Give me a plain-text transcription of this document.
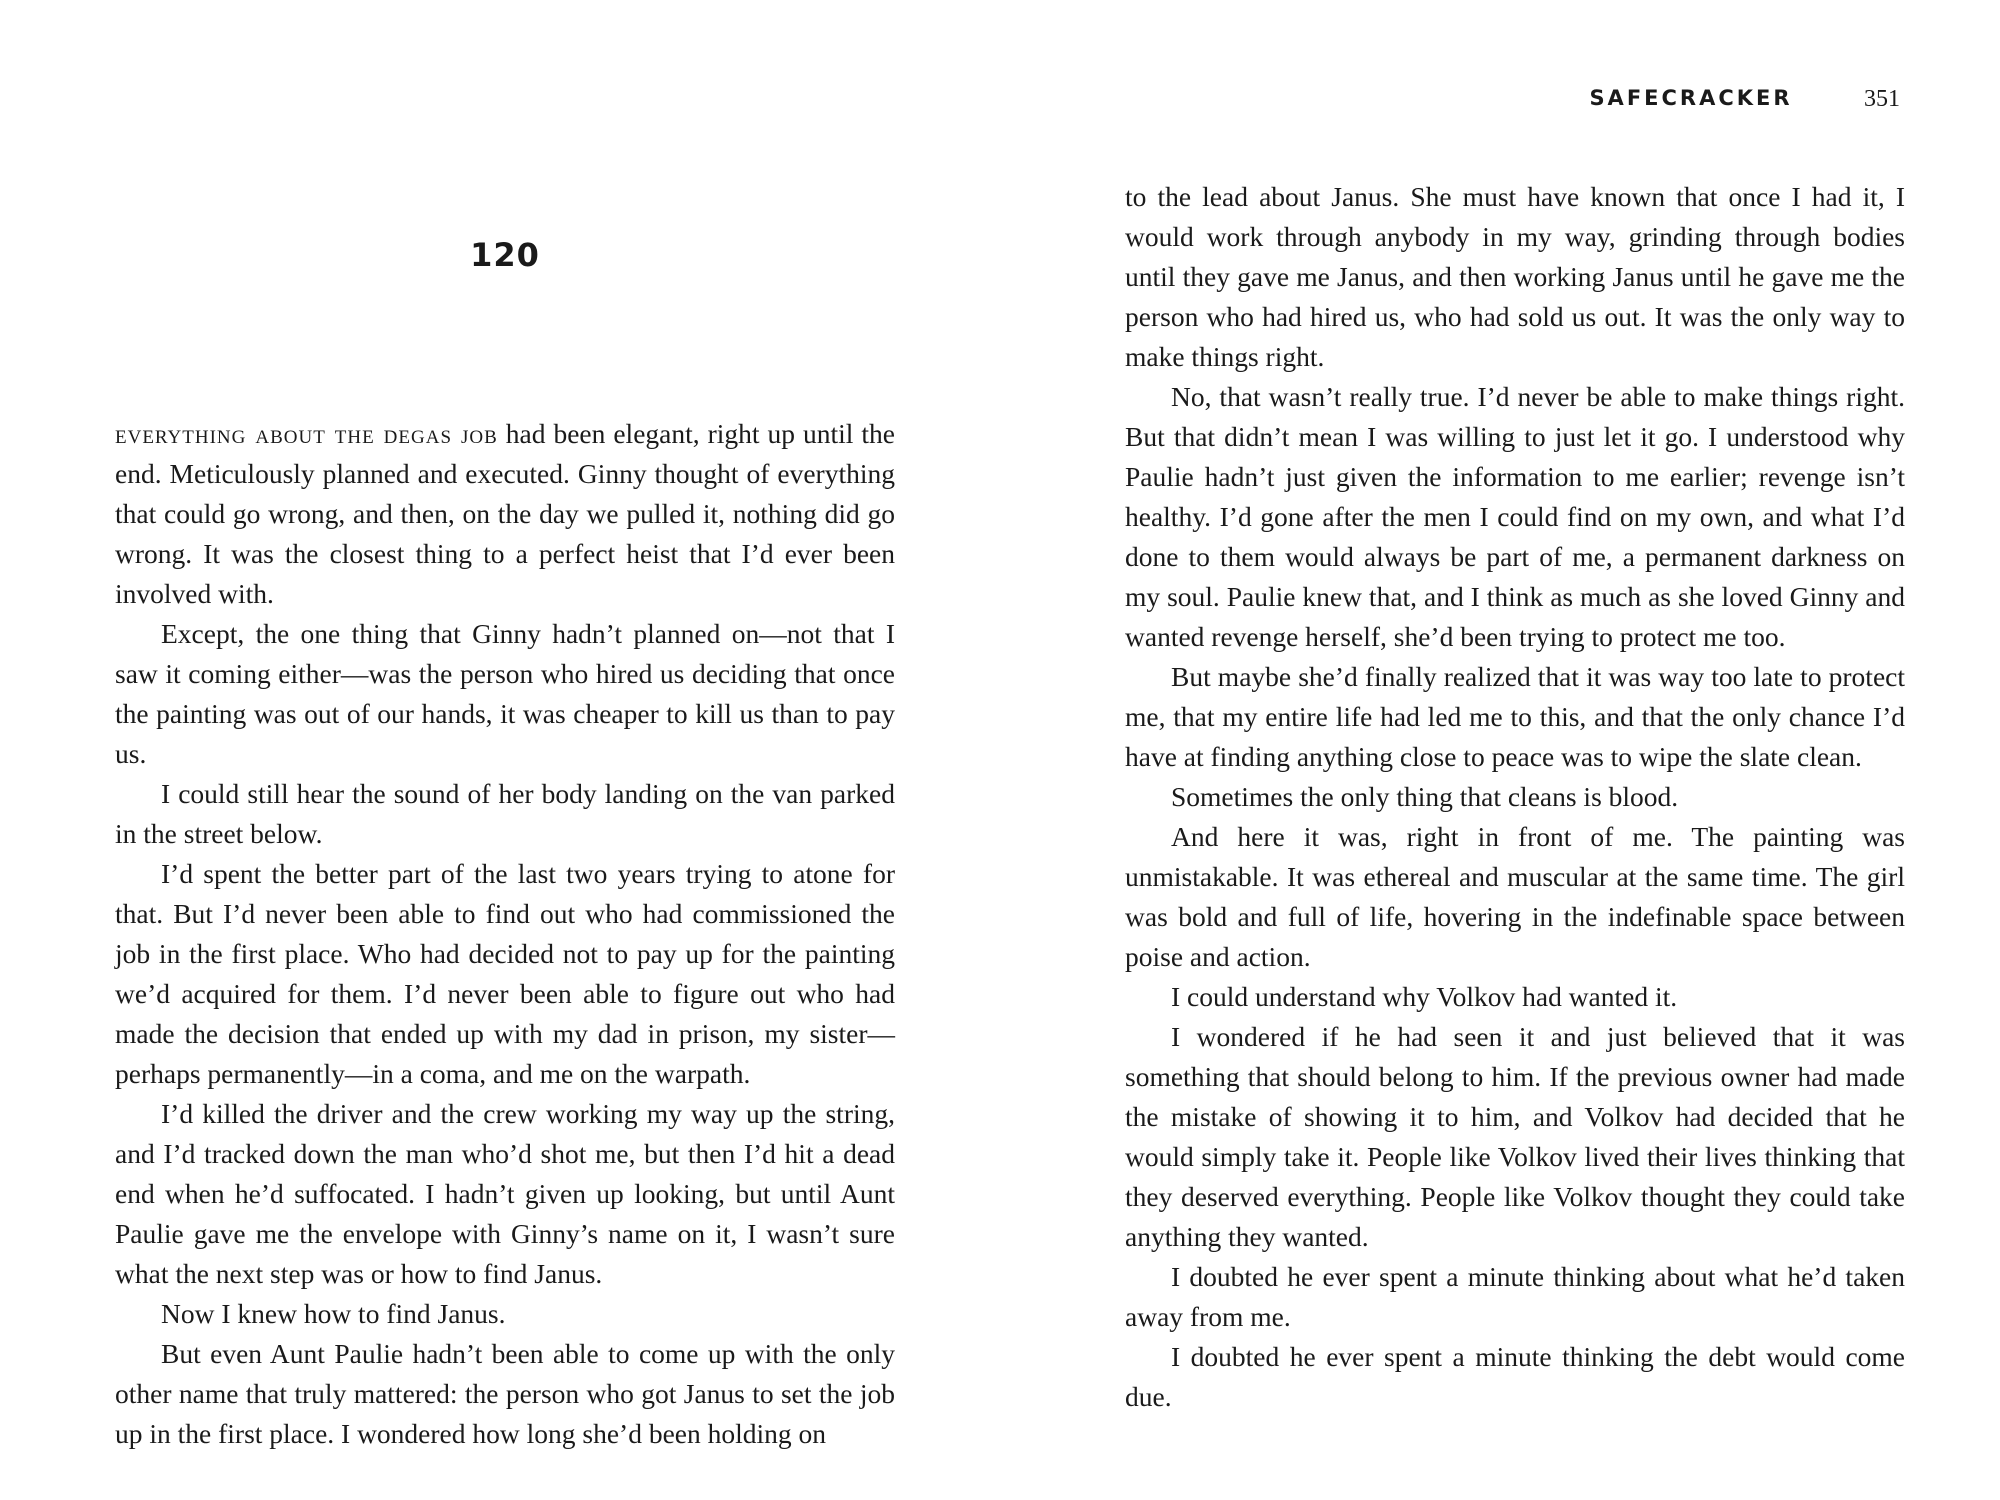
120

everything about the degas job had been elegant, right up until the end. Meticulously planned and executed. Ginny thought of everything that could go wrong, and then, on the day we pulled it, nothing did go wrong. It was the closest thing to a perfect heist that I’d ever been involved with.

Except, the one thing that Ginny hadn’t planned on—not that I saw it coming either—was the person who hired us deciding that once the painting was out of our hands, it was cheaper to kill us than to pay us.

I could still hear the sound of her body landing on the van parked in the street below.

I’d spent the better part of the last two years trying to atone for that. But I’d never been able to find out who had commissioned the job in the first place. Who had decided not to pay up for the painting we’d acquired for them. I’d never been able to figure out who had made the decision that ended up with my dad in prison, my sister—perhaps permanently—in a coma, and me on the warpath.

I’d killed the driver and the crew working my way up the string, and I’d tracked down the man who’d shot me, but then I’d hit a dead end when he’d suffocated. I hadn’t given up looking, but until Aunt Paulie gave me the envelope with Ginny’s name on it, I wasn’t sure what the next step was or how to find Janus.

Now I knew how to find Janus.

But even Aunt Paulie hadn’t been able to come up with the only other name that truly mattered: the person who got Janus to set the job up in the first place. I wondered how long she’d been holding on

SAFECRACKER	351

to the lead about Janus. She must have known that once I had it, I would work through anybody in my way, grinding through bodies until they gave me Janus, and then working Janus until he gave me the person who had hired us, who had sold us out. It was the only way to make things right.

No, that wasn’t really true. I’d never be able to make things right. But that didn’t mean I was willing to just let it go. I understood why Paulie hadn’t just given the information to me earlier; revenge isn’t healthy. I’d gone after the men I could find on my own, and what I’d done to them would always be part of me, a permanent darkness on my soul. Paulie knew that, and I think as much as she loved Ginny and wanted revenge herself, she’d been trying to protect me too.

But maybe she’d finally realized that it was way too late to protect me, that my entire life had led me to this, and that the only chance I’d have at finding anything close to peace was to wipe the slate clean.

Sometimes the only thing that cleans is blood.

And here it was, right in front of me. The painting was unmistakable. It was ethereal and muscular at the same time. The girl was bold and full of life, hovering in the indefinable space between poise and action.

I could understand why Volkov had wanted it.

I wondered if he had seen it and just believed that it was something that should belong to him. If the previous owner had made the mistake of showing it to him, and Volkov had decided that he would simply take it. People like Volkov lived their lives thinking that they deserved everything. People like Volkov thought they could take anything they wanted.

I doubted he ever spent a minute thinking about what he’d taken away from me.

I doubted he ever spent a minute thinking the debt would come due.
